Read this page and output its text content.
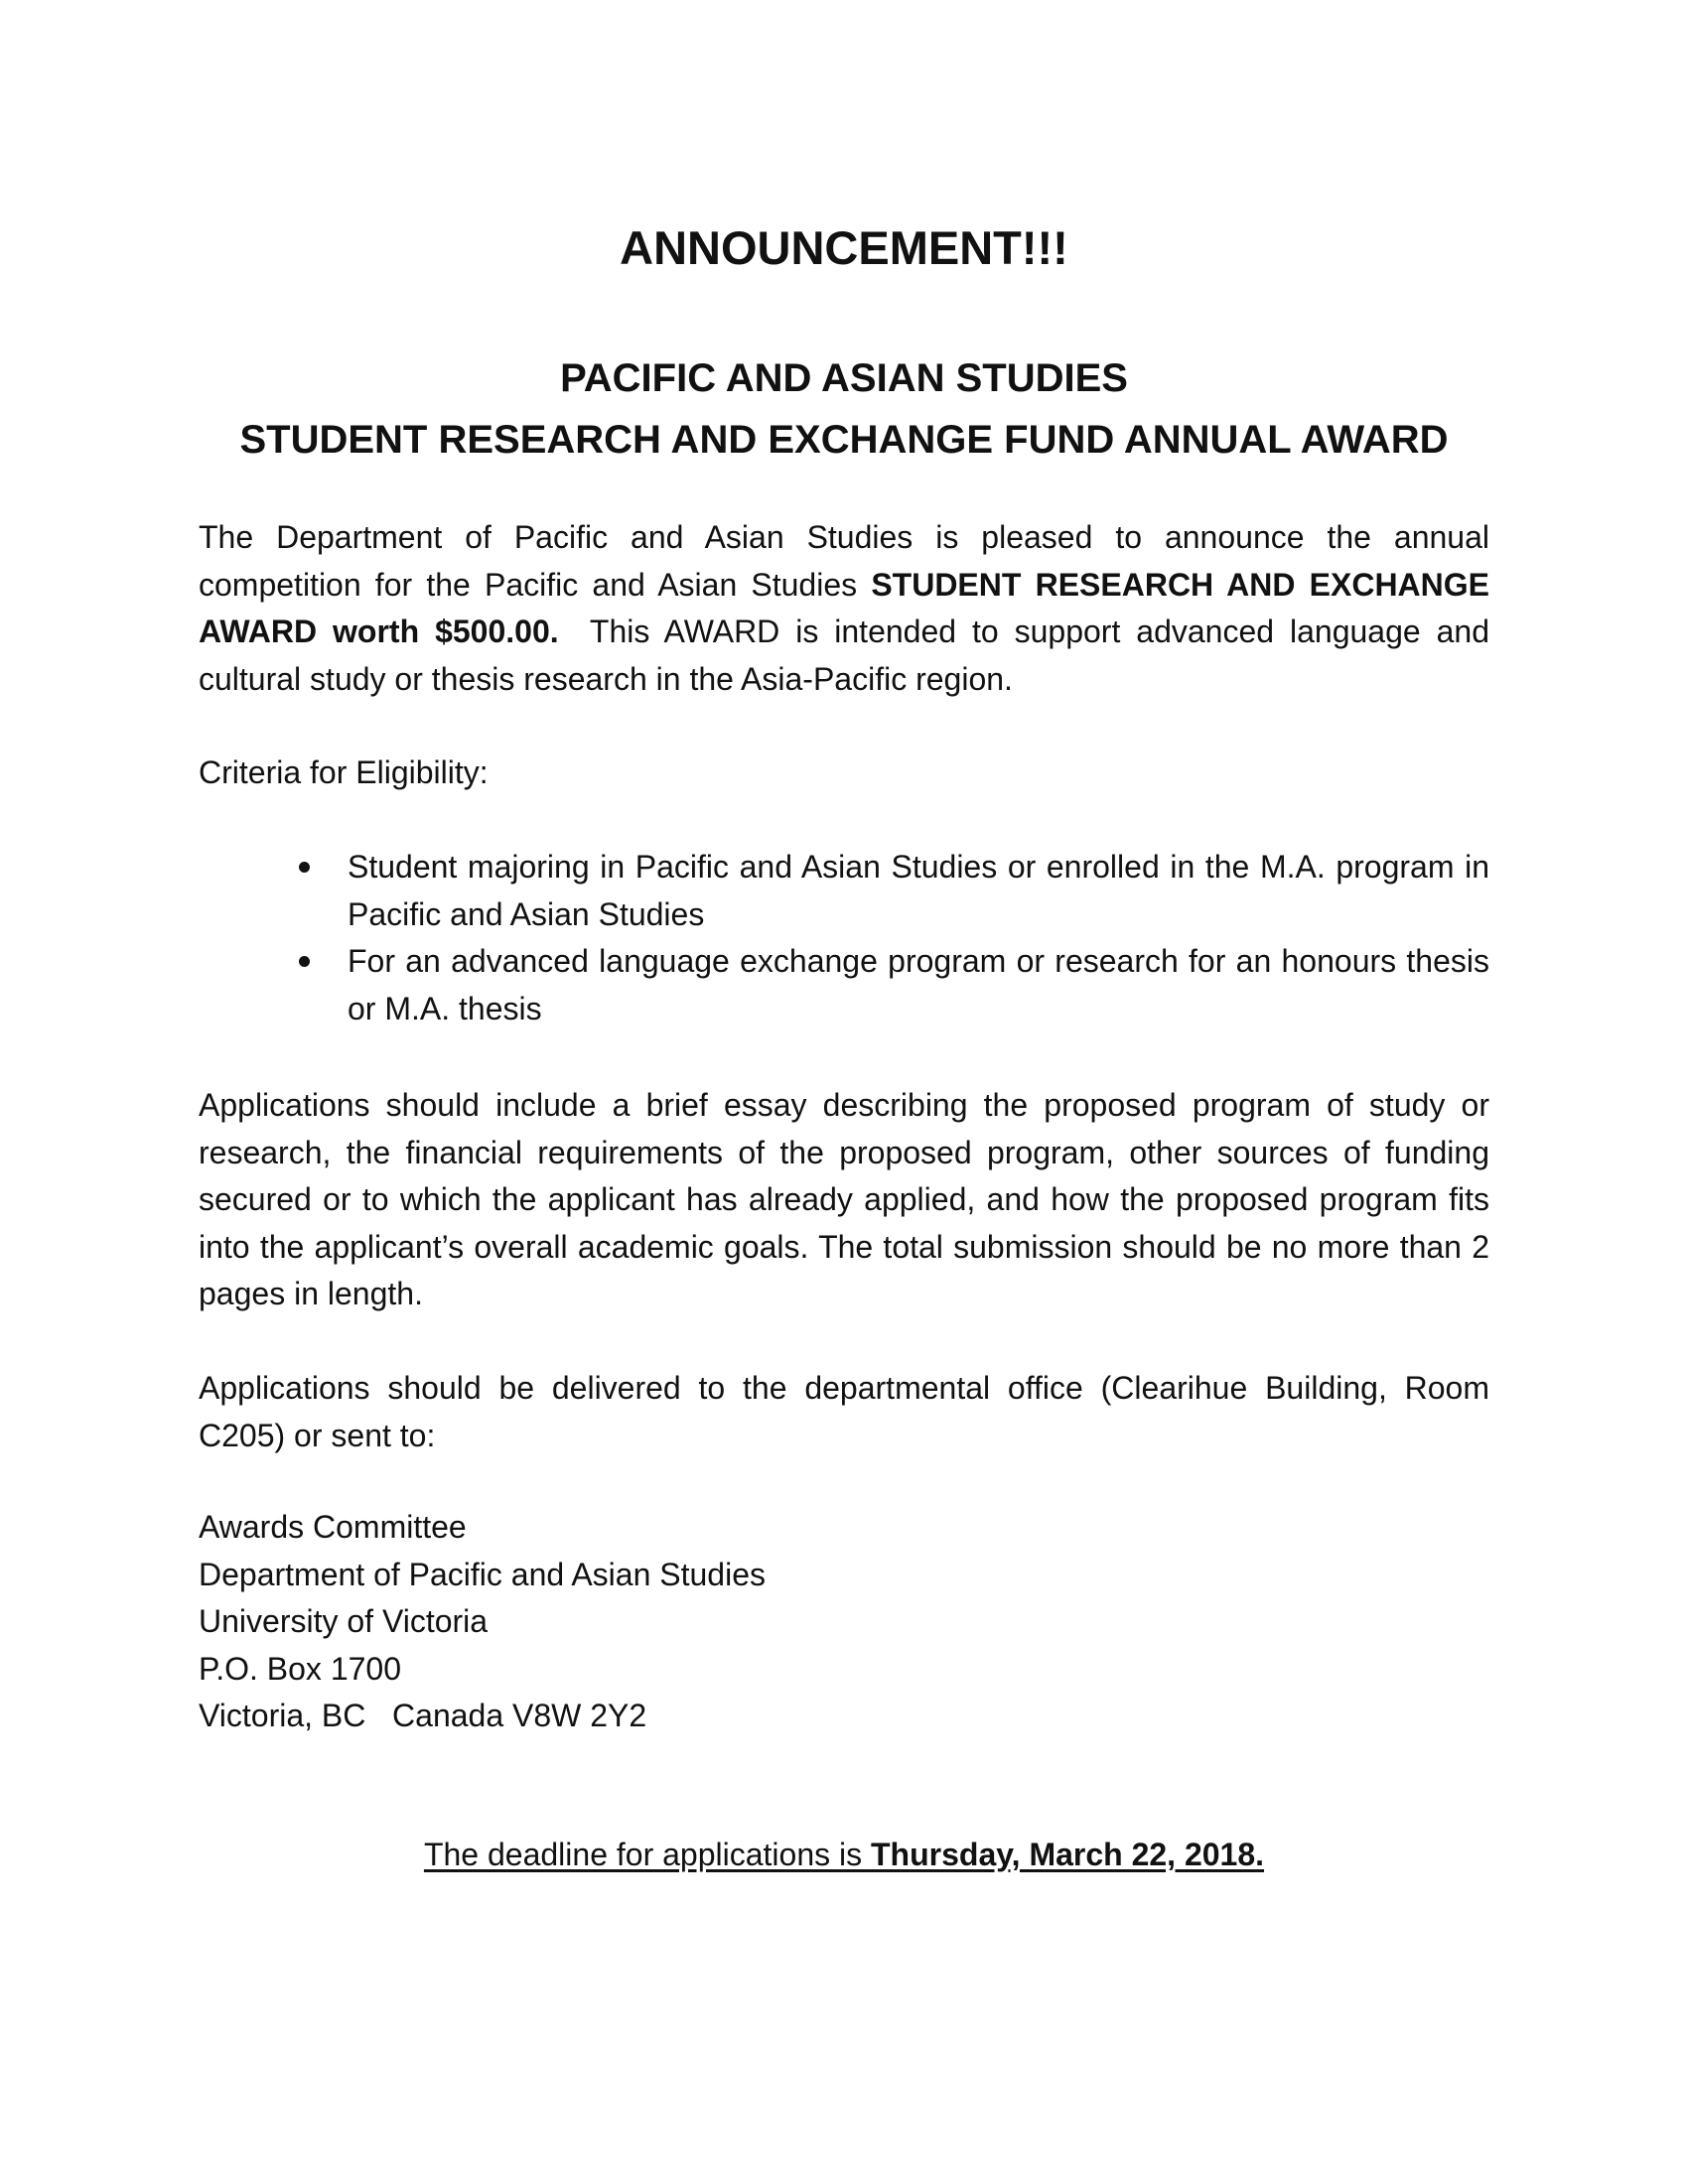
ANNOUNCEMENT!!!
PACIFIC AND ASIAN STUDIES
STUDENT RESEARCH AND EXCHANGE FUND ANNUAL AWARD

The Department of Pacific and Asian Studies is pleased to announce the annual competition for the Pacific and Asian Studies STUDENT RESEARCH AND EXCHANGE AWARD worth $500.00.  This AWARD is intended to support advanced language and cultural study or thesis research in the Asia-Pacific region.

Criteria for Eligibility:

Student majoring in Pacific and Asian Studies or enrolled in the M.A. program in Pacific and Asian Studies
For an advanced language exchange program or research for an honours thesis or M.A. thesis

Applications should include a brief essay describing the proposed program of study or research, the financial requirements of the proposed program, other sources of funding secured or to which the applicant has already applied, and how the proposed program fits into the applicant’s overall academic goals. The total submission should be no more than 2 pages in length.

Applications should be delivered to the departmental office (Clearihue Building, Room C205) or sent to:

Awards Committee
Department of Pacific and Asian Studies
University of Victoria
P.O. Box 1700
Victoria, BC   Canada V8W 2Y2

The deadline for applications is Thursday, March 22, 2018.
